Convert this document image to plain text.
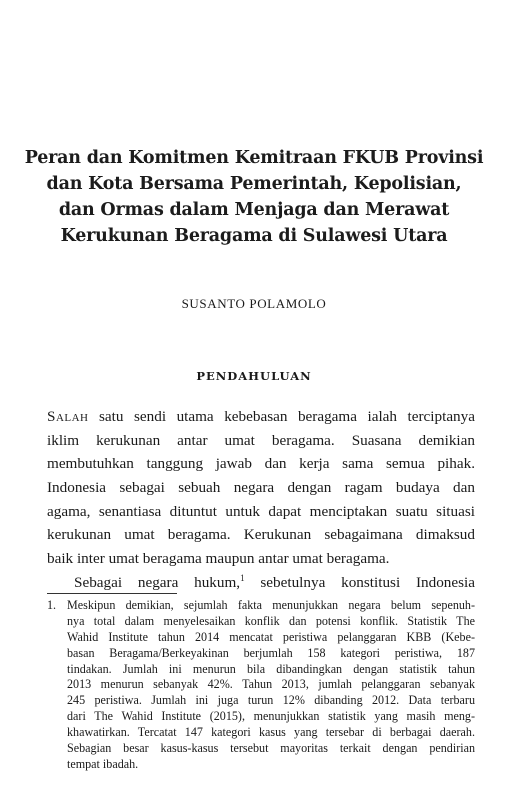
Peran dan Komitmen Kemitraan FKUB Provinsi
dan Kota Bersama Pemerintah, Kepolisian,
dan Ormas dalam Menjaga dan Merawat
Kerukunan Beragama di Sulawesi Utara
SUSANTO POLAMOLO
PENDAHULUAN
Salah satu sendi utama kebebasan beragama ialah terciptanya
iklim kerukunan antar umat beragama. Suasana demikian
membutuhkan tanggung jawab dan kerja sama semua pihak.
Indonesia sebagai sebuah negara dengan ragam budaya dan
agama, senantiasa dituntut untuk dapat menciptakan suatu situasi
kerukunan umat beragama. Kerukunan sebagaimana dimaksud
baik inter umat beragama maupun antar umat beragama.
Sebagai negara hukum,$^1$ sebetulnya konstitusi Indonesia
1. Meskipun demikian, sejumlah fakta menunjukkan negara belum sepenuh-
nya total dalam menyelesaikan konflik dan potensi konflik. Statistik The
Wahid Institute tahun 2014 mencatat peristiwa pelanggaran KBB (Kebe-
basan Beragama/Berkeyakinan berjumlah 158 kategori peristiwa, 187
tindakan. Jumlah ini menurun bila dibandingkan dengan statistik tahun
2013 menurun sebanyak 42%. Tahun 2013, jumlah pelanggaran sebanyak
245 peristiwa. Jumlah ini juga turun 12% dibanding 2012. Data terbaru
dari The Wahid Institute (2015), menunjukkan statistik yang masih meng-
khawatirkan. Tercatat 147 kategori kasus yang tersebar di berbagai daerah.
Sebagian besar kasus-kasus tersebut mayoritas terkait dengan pendirian
tempat ibadah.
